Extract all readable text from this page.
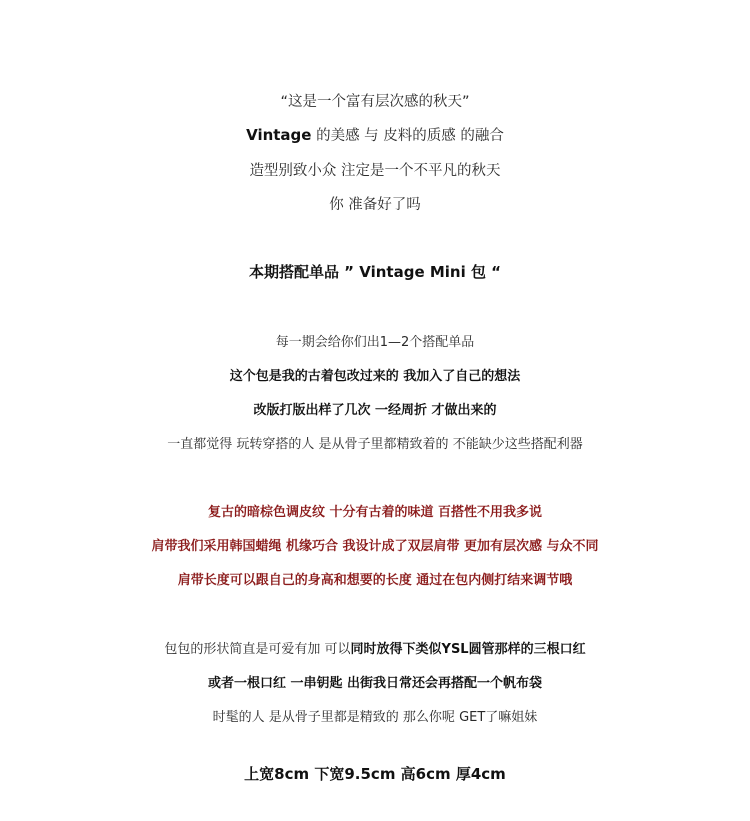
“这是一个富有层次感的秋天”
Vintage 的美感 与 皮料的质感 的融合
造型别致小众 注定是一个不平凡的秋天
你 准备好了吗
本期搭配单品 ” Vintage Mini 包 “
每一期会给你们出1—2个搭配单品
这个包是我的古着包改过来的 我加入了自己的想法
改版打版出样了几次 一经周折 才做出来的
一直都觉得 玩转穿搭的人 是从骨子里都精致着的 不能缺少这些搭配利器
复古的暗棕色调皮纹 十分有古着的味道 百搭性不用我多说
肩带我们采用韩国蜡绳 机缘巧合 我设计成了双层肩带 更加有层次感 与众不同
肩带长度可以跟自己的身高和想要的长度 通过在包内侧打结来调节哦
包包的形状简直是可爱有加 可以同时放得下类似YSL圆管那样的三根口红
或者一根口红 一串钥匙 出街我日常还会再搭配一个帆布袋
时髦的人 是从骨子里都是精致的 那么你呢 GET了嘛姐妹
上宽8cm 下宽9.5cm 高6cm 厚4cm
